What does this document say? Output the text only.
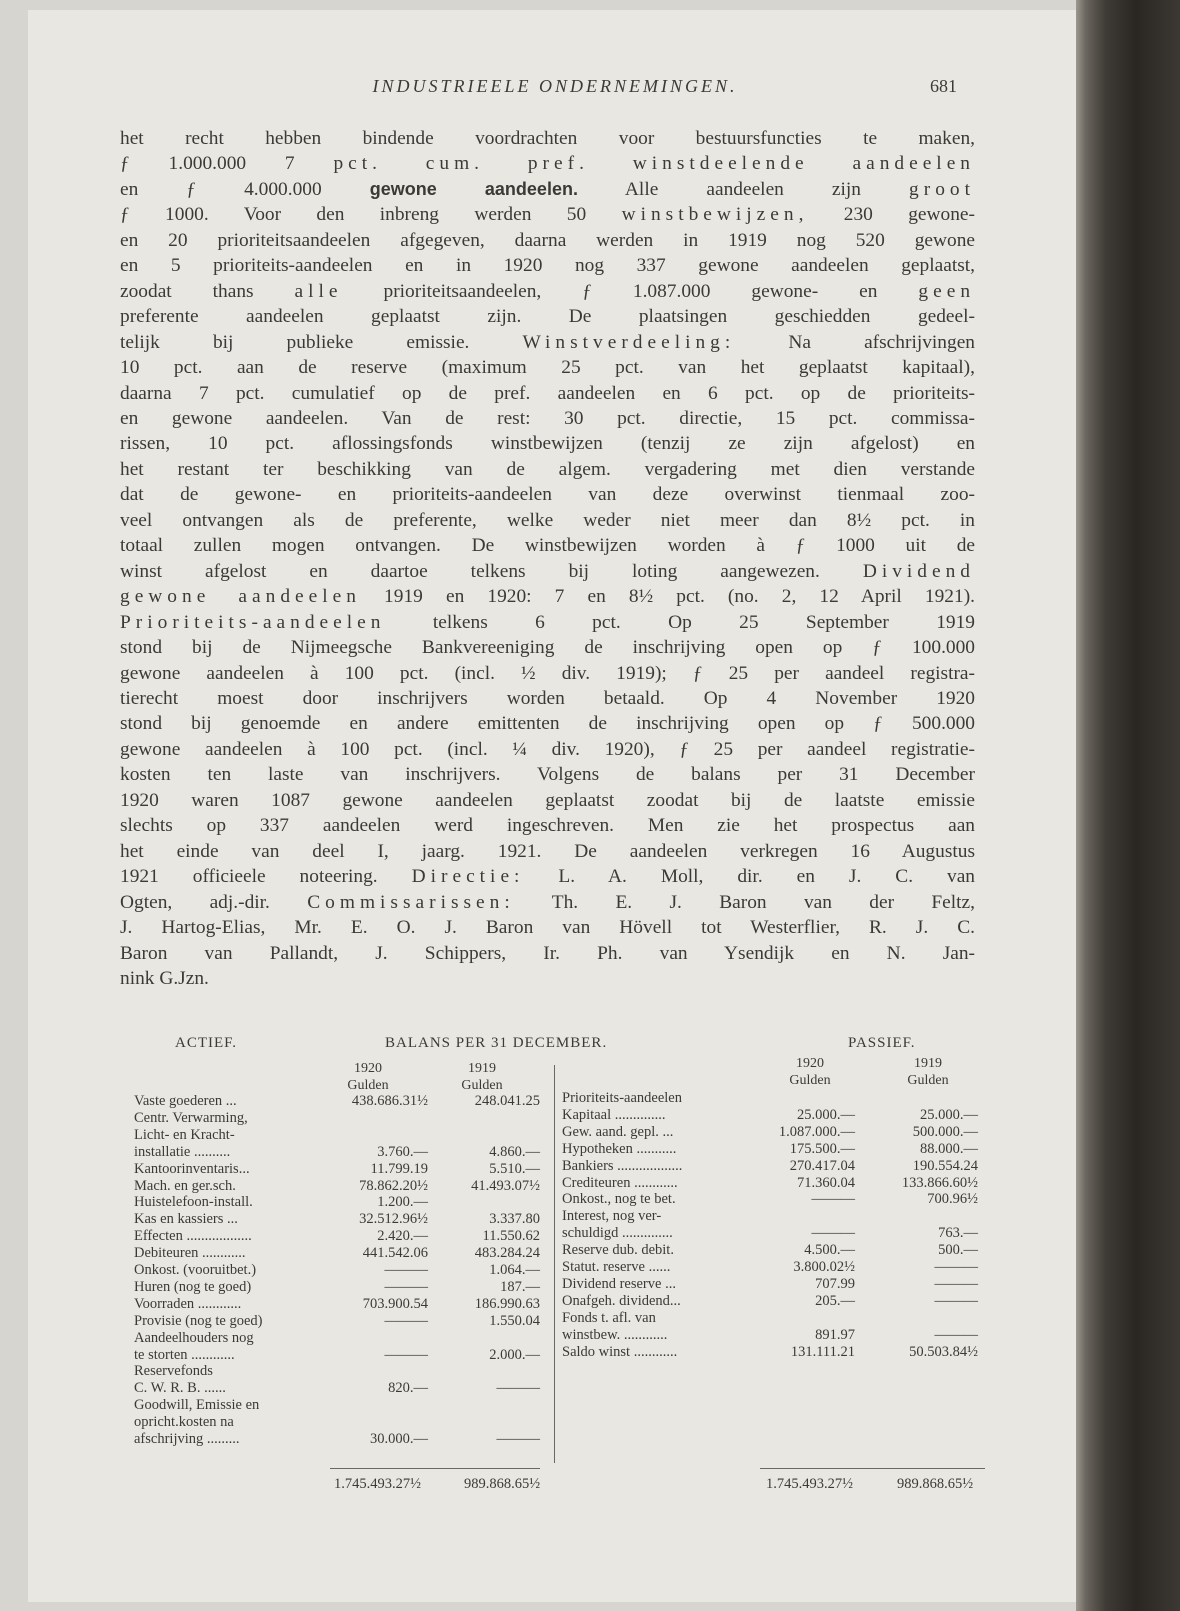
INDUSTRIEELE ONDERNEMINGEN.	681
het recht hebben bindende voordrachten voor bestuursfuncties te maken,
ƒ 1.000.000 7 pct. cum. pref. winstdeelende aandeelen
en ƒ 4.000.000 gewone aandeelen. Alle aandeelen zijn groot
ƒ 1000. Voor den inbreng werden 50 winstbewijzen, 230 gewone-
en 20 prioriteitsaandeelen afgegeven, daarna werden in 1919 nog 520 gewone
en 5 prioriteits-aandeelen en in 1920 nog 337 gewone aandeelen geplaatst,
zoodat thans alle prioriteitsaandeelen, ƒ 1.087.000 gewone- en geen
preferente aandeelen geplaatst zijn. De plaatsingen geschiedden gedeel-
telijk bij publieke emissie. Winstverdeeling: Na afschrijvingen
10 pct. aan de reserve (maximum 25 pct. van het geplaatst kapitaal),
daarna 7 pct. cumulatief op de pref. aandeelen en 6 pct. op de prioriteits-
en gewone aandeelen. Van de rest: 30 pct. directie, 15 pct. commissa-
rissen, 10 pct. aflossingsfonds winstbewijzen (tenzij ze zijn afgelost) en
het restant ter beschikking van de algem. vergadering met dien verstande
dat de gewone- en prioriteits-aandeelen van deze overwinst tienmaal zoo-
veel ontvangen als de preferente, welke weder niet meer dan 8½ pct. in
totaal zullen mogen ontvangen. De winstbewijzen worden à ƒ 1000 uit de
winst afgelost en daartoe telkens bij loting aangewezen. Dividend
gewone aandeelen 1919 en 1920: 7 en 8½ pct. (no. 2, 12 April 1921).
Prioriteits-aandeelen telkens 6 pct. Op 25 September 1919
stond bij de Nijmeegsche Bankvereeniging de inschrijving open op ƒ 100.000
gewone aandeelen à 100 pct. (incl. ½ div. 1919); ƒ 25 per aandeel registra-
tierecht moest door inschrijvers worden betaald. Op 4 November 1920
stond bij genoemde en andere emittenten de inschrijving open op ƒ 500.000
gewone aandeelen à 100 pct. (incl. ¼ div. 1920), ƒ 25 per aandeel registratie-
kosten ten laste van inschrijvers. Volgens de balans per 31 December
1920 waren 1087 gewone aandeelen geplaatst zoodat bij de laatste emissie
slechts op 337 aandeelen werd ingeschreven. Men zie het prospectus aan
het einde van deel I, jaarg. 1921. De aandeelen verkregen 16 Augustus
1921 officieele noteering. Directie: L. A. Moll, dir. en J. C. van
Ogten, adj.-dir. Commissarissen: Th. E. J. Baron van der Feltz,
J. Hartog-Elias, Mr. E. O. J. Baron van Hövell tot Westerflier, R. J. C.
Baron van Pallandt, J. Schippers, Ir. Ph. van Ysendijk en N. Jan-
nink G.Jzn.
ACTIEF.	BALANS PER 31 DECEMBER.	PASSIEF.
1920
Gulden
1919
Gulden
1920
Gulden
1919
Gulden
Vaste goederen ...	438.686.31½	248.041.25
Centr. Verwarming,
Licht- en Kracht-
installatie ..........	3.760.—	4.860.—
Kantoorinventaris...	11.799.19	5.510.—
Mach. en ger.sch.	78.862.20½	41.493.07½
Huistelefoon-install.	1.200.—
Kas en kassiers ...	32.512.96½	3.337.80
Effecten ..................	2.420.—	11.550.62
Debiteuren ............	441.542.06	483.284.24
Onkost. (vooruitbet.)	———	1.064.—
Huren (nog te goed)	———	187.—
Voorraden ............	703.900.54	186.990.63
Provisie (nog te goed)	———	1.550.04
Aandeelhouders nog
te storten ............	———	2.000.—
Reservefonds
C. W. R. B. ......	820.—	———
Goodwill, Emissie en
opricht.kosten na
afschrijving .........	30.000.—	———
Prioriteits-aandeelen
Kapitaal ..............	25.000.—	25.000.—
Gew. aand. gepl. ...	1.087.000.—	500.000.—
Hypotheken ...........	175.500.—	88.000.—
Bankiers ..................	270.417.04	190.554.24
Crediteuren ............	71.360.04	133.866.60½
Onkost., nog te bet.	———	700.96½
Interest, nog ver-
schuldigd ..............	———	763.—
Reserve dub. debit.	4.500.—	500.—
Statut. reserve ......	3.800.02½	———
Dividend reserve ...	707.99	———
Onafgeh. dividend...	205.—	———
Fonds t. afl. van
winstbew. ............	891.97	———
Saldo winst ............	131.111.21	50.503.84½
1.745.493.27½	989.868.65½	1.745.493.27½	989.868.65½
